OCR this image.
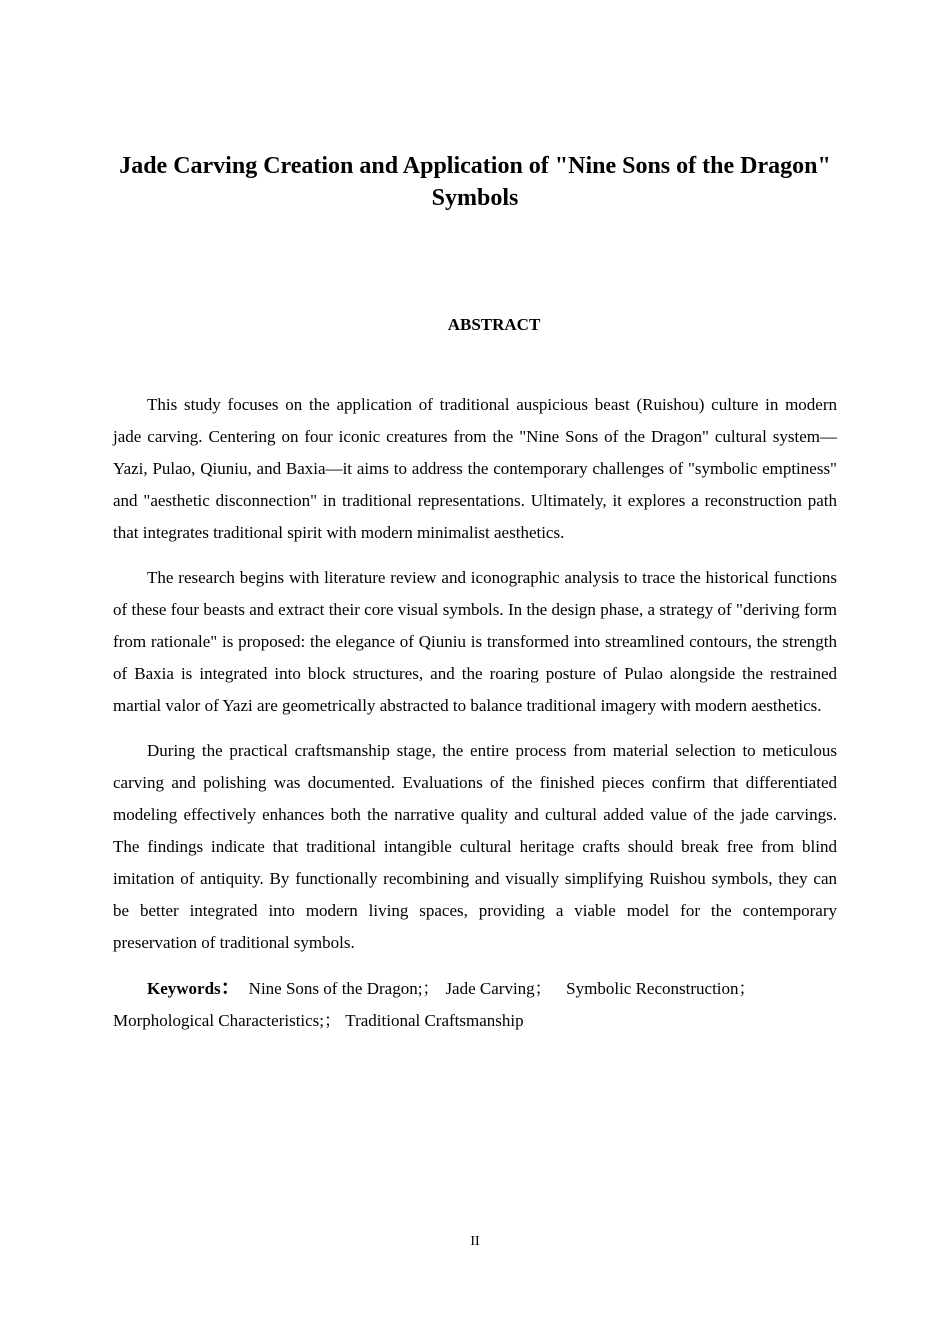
Jade Carving Creation and Application of "Nine Sons of the Dragon" Symbols
ABSTRACT

This study focuses on the application of traditional auspicious beast (Ruishou) culture in modern jade carving. Centering on four iconic creatures from the "Nine Sons of the Dragon" cultural system—Yazi, Pulao, Qiuniu, and Baxia—it aims to address the contemporary challenges of "symbolic emptiness" and "aesthetic disconnection" in traditional representations. Ultimately, it explores a reconstruction path that integrates traditional spirit with modern minimalist aesthetics.

The research begins with literature review and iconographic analysis to trace the historical functions of these four beasts and extract their core visual symbols. In the design phase, a strategy of "deriving form from rationale" is proposed: the elegance of Qiuniu is transformed into streamlined contours, the strength of Baxia is integrated into block structures, and the roaring posture of Pulao alongside the restrained martial valor of Yazi are geometrically abstracted to balance traditional imagery with modern aesthetics.

During the practical craftsmanship stage, the entire process from material selection to meticulous carving and polishing was documented. Evaluations of the finished pieces confirm that differentiated modeling effectively enhances both the narrative quality and cultural added value of the jade carvings. The findings indicate that traditional intangible cultural heritage crafts should break free from blind imitation of antiquity. By functionally recombining and visually simplifying Ruishou symbols, they can be better integrated into modern living spaces, providing a viable model for the contemporary preservation of traditional symbols.

Keywords： Nine Sons of the Dragon;； Jade Carving； Symbolic Reconstruction； Morphological Characteristics;； Traditional Craftsmanship

II
